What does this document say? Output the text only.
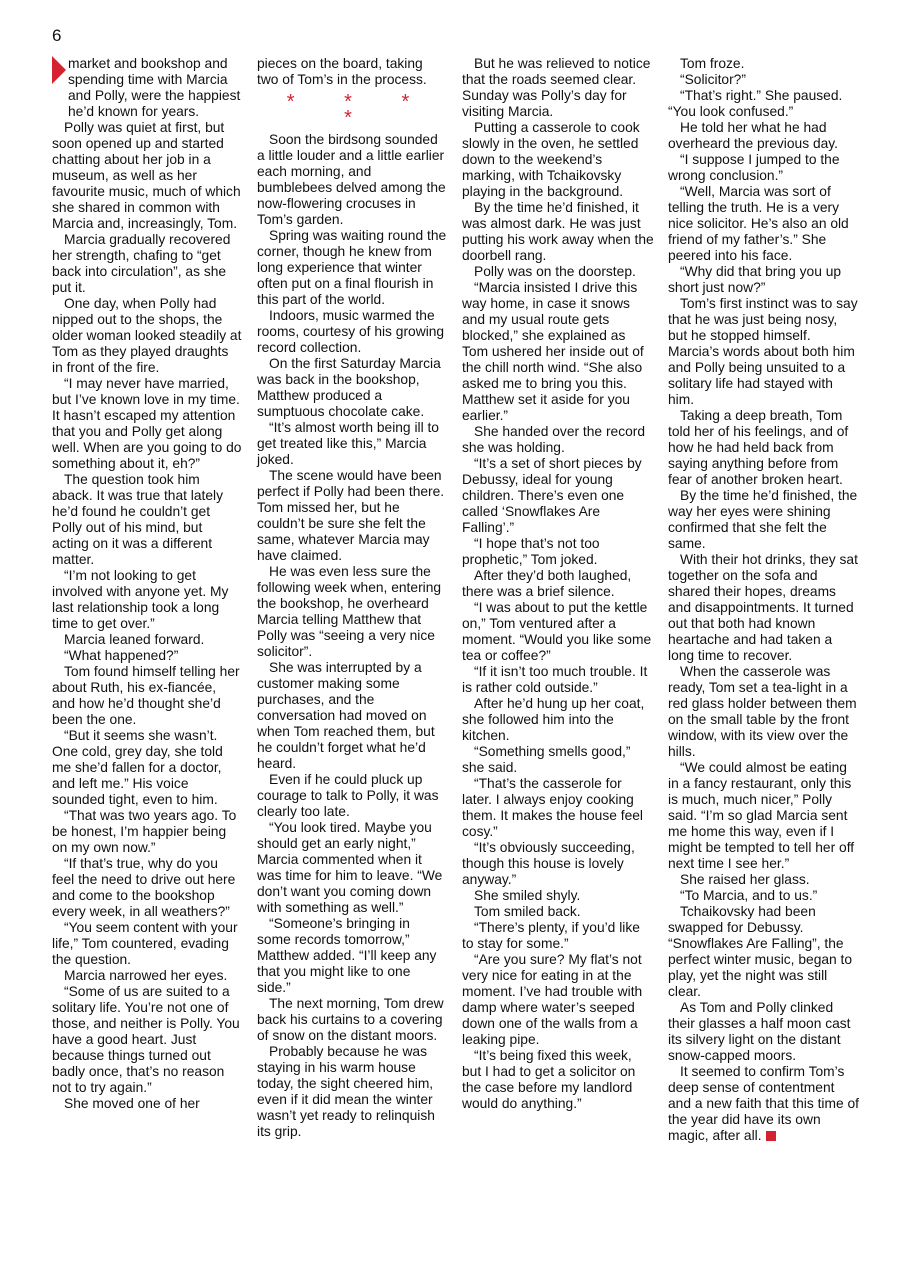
6

market and bookshop and spending time with Marcia and Polly, were the happiest he’d known for years.

Polly was quiet at first, but soon opened up and started chatting about her job in a museum, as well as her favourite music, much of which she shared in common with Marcia and, increasingly, Tom.

Marcia gradually recovered her strength, chafing to “get back into circulation”, as she put it.

One day, when Polly had nipped out to the shops, the older woman looked steadily at Tom as they played draughts in front of the fire.

“I may never have married, but I’ve known love in my time. It hasn’t escaped my attention that you and Polly get along well. When are you going to do something about it, eh?”

The question took him aback. It was true that lately he’d found he couldn’t get Polly out of his mind, but acting on it was a different matter.

“I’m not looking to get involved with anyone yet. My last relationship took a long time to get over.”

Marcia leaned forward.

“What happened?”

Tom found himself telling her about Ruth, his ex-fiancée, and how he’d thought she’d been the one.

“But it seems she wasn’t. One cold, grey day, she told me she’d fallen for a doctor, and left me.” His voice sounded tight, even to him.

“That was two years ago. To be honest, I’m happier being on my own now.”

“If that’s true, why do you feel the need to drive out here and come to the bookshop every week, in all weathers?”

“You seem content with your life,” Tom countered, evading the question.

Marcia narrowed her eyes.

“Some of us are suited to a solitary life. You’re not one of those, and neither is Polly. You have a good heart. Just because things turned out badly once, that’s no reason not to try again.”

She moved one of her

pieces on the board, taking two of Tom’s in the process.

* * * *

Soon the birdsong sounded a little louder and a little earlier each morning, and bumblebees delved among the now-flowering crocuses in Tom’s garden.

Spring was waiting round the corner, though he knew from long experience that winter often put on a final flourish in this part of the world.

Indoors, music warmed the rooms, courtesy of his growing record collection.

On the first Saturday Marcia was back in the bookshop, Matthew produced a sumptuous chocolate cake.

“It’s almost worth being ill to get treated like this,” Marcia joked.

The scene would have been perfect if Polly had been there. Tom missed her, but he couldn’t be sure she felt the same, whatever Marcia may have claimed.

He was even less sure the following week when, entering the bookshop, he overheard Marcia telling Matthew that Polly was “seeing a very nice solicitor”.

She was interrupted by a customer making some purchases, and the conversation had moved on when Tom reached them, but he couldn’t forget what he’d heard.

Even if he could pluck up courage to talk to Polly, it was clearly too late.

“You look tired. Maybe you should get an early night,” Marcia commented when it was time for him to leave. “We don’t want you coming down with something as well.”

“Someone’s bringing in some records tomorrow,” Matthew added. “I’ll keep any that you might like to one side.”

The next morning, Tom drew back his curtains to a covering of snow on the distant moors.

Probably because he was staying in his warm house today, the sight cheered him, even if it did mean the winter wasn’t yet ready to relinquish its grip.

But he was relieved to notice that the roads seemed clear. Sunday was Polly’s day for visiting Marcia.

Putting a casserole to cook slowly in the oven, he settled down to the weekend’s marking, with Tchaikovsky playing in the background.

By the time he’d finished, it was almost dark. He was just putting his work away when the doorbell rang.

Polly was on the doorstep.

“Marcia insisted I drive this way home, in case it snows and my usual route gets blocked,” she explained as Tom ushered her inside out of the chill north wind. “She also asked me to bring you this. Matthew set it aside for you earlier.”

She handed over the record she was holding.

“It’s a set of short pieces by Debussy, ideal for young children. There’s even one called ‘Snowflakes Are Falling’.”

“I hope that’s not too prophetic,” Tom joked.

After they’d both laughed, there was a brief silence.

“I was about to put the kettle on,” Tom ventured after a moment. “Would you like some tea or coffee?”

“If it isn’t too much trouble. It is rather cold outside.”

After he’d hung up her coat, she followed him into the kitchen.

“Something smells good,” she said.

“That’s the casserole for later. I always enjoy cooking them. It makes the house feel cosy.”

“It’s obviously succeeding, though this house is lovely anyway.”

She smiled shyly.

Tom smiled back.

“There’s plenty, if you’d like to stay for some.”

“Are you sure? My flat’s not very nice for eating in at the moment. I’ve had trouble with damp where water’s seeped down one of the walls from a leaking pipe.

“It’s being fixed this week, but I had to get a solicitor on the case before my landlord would do anything.”

Tom froze.

“Solicitor?”

“That’s right.” She paused. “You look confused.”

He told her what he had overheard the previous day.

“I suppose I jumped to the wrong conclusion.”

“Well, Marcia was sort of telling the truth. He is a very nice solicitor. He’s also an old friend of my father’s.” She peered into his face.

“Why did that bring you up short just now?”

Tom’s first instinct was to say that he was just being nosy, but he stopped himself. Marcia’s words about both him and Polly being unsuited to a solitary life had stayed with him.

Taking a deep breath, Tom told her of his feelings, and of how he had held back from saying anything before from fear of another broken heart.

By the time he’d finished, the way her eyes were shining confirmed that she felt the same.

With their hot drinks, they sat together on the sofa and shared their hopes, dreams and disappointments. It turned out that both had known heartache and had taken a long time to recover.

When the casserole was ready, Tom set a tea-light in a red glass holder between them on the small table by the front window, with its view over the hills.

“We could almost be eating in a fancy restaurant, only this is much, much nicer,” Polly said. “I’m so glad Marcia sent me home this way, even if I might be tempted to tell her off next time I see her.”

She raised her glass.

“To Marcia, and to us.”

Tchaikovsky had been swapped for Debussy. “Snowflakes Are Falling”, the perfect winter music, began to play, yet the night was still clear.

As Tom and Polly clinked their glasses a half moon cast its silvery light on the distant snow-capped moors.

It seemed to confirm Tom’s deep sense of contentment and a new faith that this time of the year did have its own magic, after all.
